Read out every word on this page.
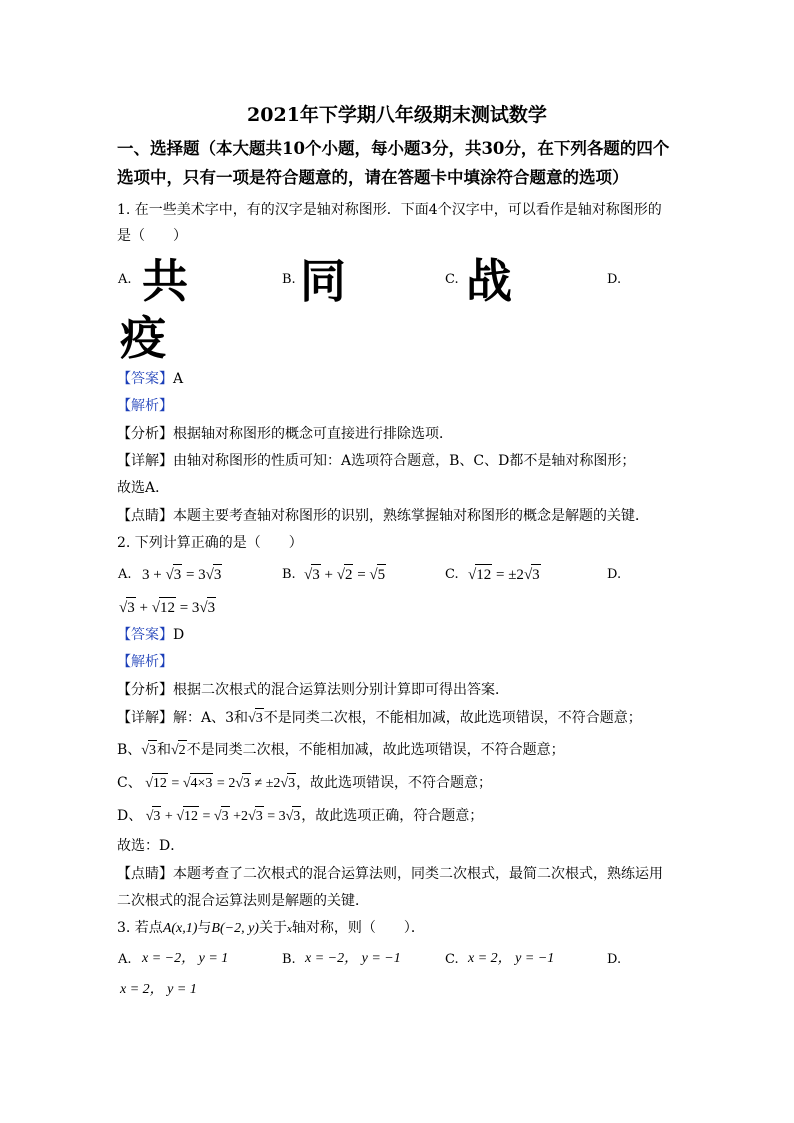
2021年下学期八年级期末测试数学
一、选择题（本大题共10个小题，每小题3分，共30分，在下列各题的四个
选项中，只有一项是符合题意的，请在答题卡中填涂符合题意的选项）
1. 在一些美术字中，有的汉字是轴对称图形．下面4个汉字中，可以看作是轴对称图形的
是（　　）
A. 共	B. 同	C. 战	D.
疫
【答案】A
【解析】
【分析】根据轴对称图形的概念可直接进行排除选项．
【详解】由轴对称图形的性质可知：A选项符合题意，B、C、D都不是轴对称图形；
故选A．
【点睛】本题主要考查轴对称图形的识别，熟练掌握轴对称图形的概念是解题的关键．
2. 下列计算正确的是（　　）
A. 3 + √3 = 3√3	B. √3 + √2 = √5	C. √12 = ±2√3	D.
√3 + √12 = 3√3
【答案】D
【解析】
【分析】根据二次根式的混合运算法则分别计算即可得出答案．
【详解】解：A、3和√3不是同类二次根，不能相加减，故此选项错误，不符合题意；
B、√3和√2不是同类二次根，不能相加减，故此选项错误，不符合题意；
C、 √12 = √4×3 = 2√3 ≠ ±2√3，故此选项错误，不符合题意；
D、 √3 + √12 = √3 +2√3 = 3√3，故此选项正确，符合题意；
故选：D．
【点睛】本题考查了二次根式的混合运算法则，同类二次根式，最简二次根式，熟练运用
二次根式的混合运算法则是解题的关键．
3. 若点A(x,1)与B(−2, y)关于x轴对称，则（　　）．
A. x = −2， y = 1	B. x = −2， y = −1	C. x = 2， y = −1	D.
x = 2， y = 1
